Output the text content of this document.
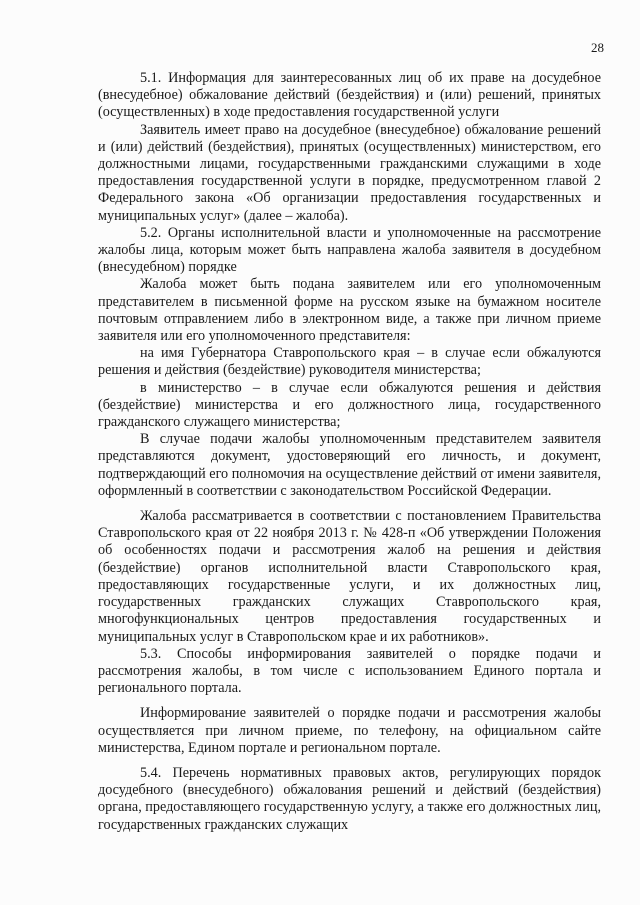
28

5.1. Информация для заинтересованных лиц об их праве на досудебное (внесудебное) обжалование действий (бездействия) и (или) решений, принятых (осуществленных) в ходе предоставления государственной услуги

Заявитель имеет право на досудебное (внесудебное) обжалование решений и (или) действий (бездействия), принятых (осуществленных) министерством, его должностными лицами, государственными гражданскими служащими в ходе предоставления государственной услуги в порядке, предусмотренном главой 2 Федерального закона «Об организации предоставления государственных и муниципальных услуг» (далее – жалоба).

5.2. Органы исполнительной власти и уполномоченные на рассмотрение жалобы лица, которым может быть направлена жалоба заявителя в досудебном (внесудебном) порядке

Жалоба может быть подана заявителем или его уполномоченным представителем в письменной форме на русском языке на бумажном носителе почтовым отправлением либо в электронном виде, а также при личном приеме заявителя или его уполномоченного представителя:

на имя Губернатора Ставропольского края – в случае если обжалуются решения и действия (бездействие) руководителя министерства;

в министерство – в случае если обжалуются решения и действия (бездействие) министерства и его должностного лица, государственного гражданского служащего министерства;

В случае подачи жалобы уполномоченным представителем заявителя представляются документ, удостоверяющий его личность, и документ, подтверждающий его полномочия на осуществление действий от имени заявителя, оформленный в соответствии с законодательством Российской Федерации.

Жалоба рассматривается в соответствии с постановлением Правительства Ставропольского края от 22 ноября 2013 г. № 428-п «Об утверждении Положения об особенностях подачи и рассмотрения жалоб на решения и действия (бездействие) органов исполнительной власти Ставропольского края, предоставляющих государственные услуги, и их должностных лиц, государственных гражданских служащих Ставропольского края, многофункциональных центров предоставления государственных и муниципальных услуг в Ставропольском крае и их работников».

5.3. Способы информирования заявителей о порядке подачи и рассмотрения жалобы, в том числе с использованием Единого портала и регионального портала.

Информирование заявителей о порядке подачи и рассмотрения жалобы осуществляется при личном приеме, по телефону, на официальном сайте министерства, Едином портале и региональном портале.

5.4. Перечень нормативных правовых актов, регулирующих порядок досудебного (внесудебного) обжалования решений и действий (бездействия) органа, предоставляющего государственную услугу, а также его должностных лиц, государственных гражданских служащих
